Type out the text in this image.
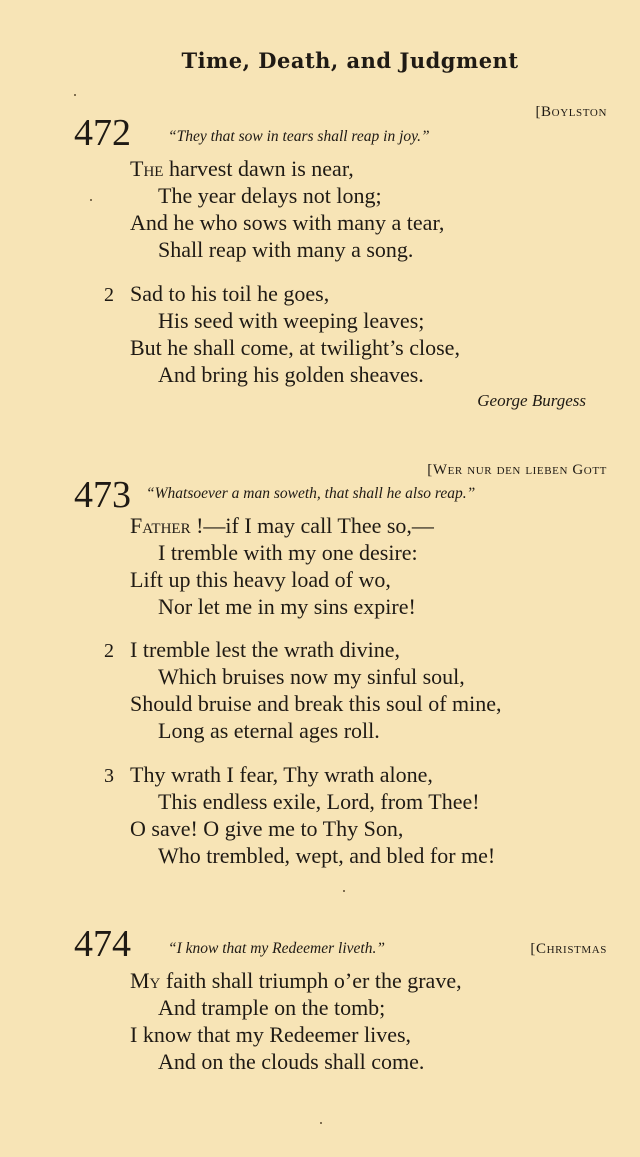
Time, Death, and Judgment
[Boylston
472 “They that sow in tears shall reap in joy.”
The harvest dawn is near,
The year delays not long;
And he who sows with many a tear,
Shall reap with many a song.
2 Sad to his toil he goes,
His seed with weeping leaves;
But he shall come, at twilight’s close,
And bring his golden sheaves.
George Burgess
[Wer nur den lieben Gott
473 “Whatsoever a man soweth, that shall he also reap.”
Father !—if I may call Thee so,—
I tremble with my one desire:
Lift up this heavy load of wo,
Nor let me in my sins expire!
2 I tremble lest the wrath divine,
Which bruises now my sinful soul,
Should bruise and break this soul of mine,
Long as eternal ages roll.
3 Thy wrath I fear, Thy wrath alone,
This endless exile, Lord, from Thee!
O save! O give me to Thy Son,
Who trembled, wept, and bled for me!
474 “I know that my Redeemer liveth.”	[Christmas
My faith shall triumph o’er the grave,
And trample on the tomb;
I know that my Redeemer lives,
And on the clouds shall come.
